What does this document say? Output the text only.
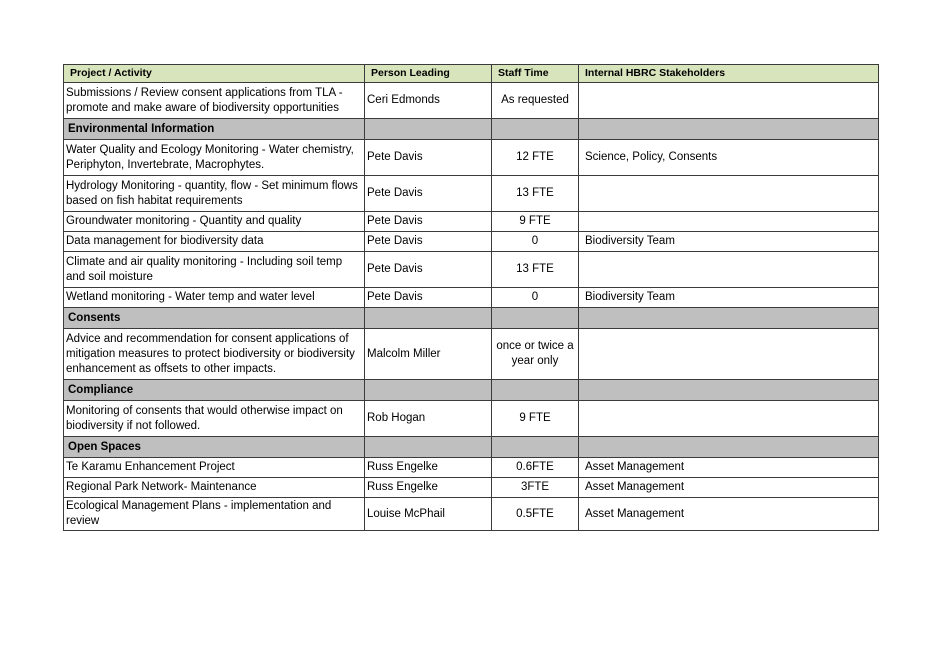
Project / Activity	Person Leading	Staff Time	Internal HBRC Stakeholders
Submissions / Review consent applications from TLA - promote and make aware of biodiversity opportunities	Ceri Edmonds	As requested	
Environmental Information			
Water Quality and Ecology Monitoring - Water chemistry, Periphyton, Invertebrate, Macrophytes.	Pete Davis	12 FTE	Science, Policy, Consents
Hydrology Monitoring - quantity, flow - Set minimum flows based on fish habitat requirements	Pete Davis	13 FTE	
Groundwater monitoring - Quantity and quality	Pete Davis	9 FTE	
Data management for biodiversity data	Pete Davis	0	Biodiversity Team
Climate and air quality monitoring - Including soil temp and soil moisture	Pete Davis	13 FTE	
Wetland monitoring - Water temp and water level	Pete Davis	0	Biodiversity Team
Consents			
Advice and recommendation for consent applications of mitigation measures to protect biodiversity or biodiversity enhancement as offsets to other impacts.	Malcolm Miller	once or twice a year only	
Compliance			
Monitoring of consents that would otherwise impact on biodiversity if not followed.	Rob Hogan	9 FTE	
Open Spaces			
Te Karamu Enhancement Project	Russ Engelke	0.6FTE	Asset Management
Regional Park Network- Maintenance	Russ Engelke	3FTE	Asset Management
Ecological Management Plans - implementation and review	Louise McPhail	0.5FTE	Asset Management
